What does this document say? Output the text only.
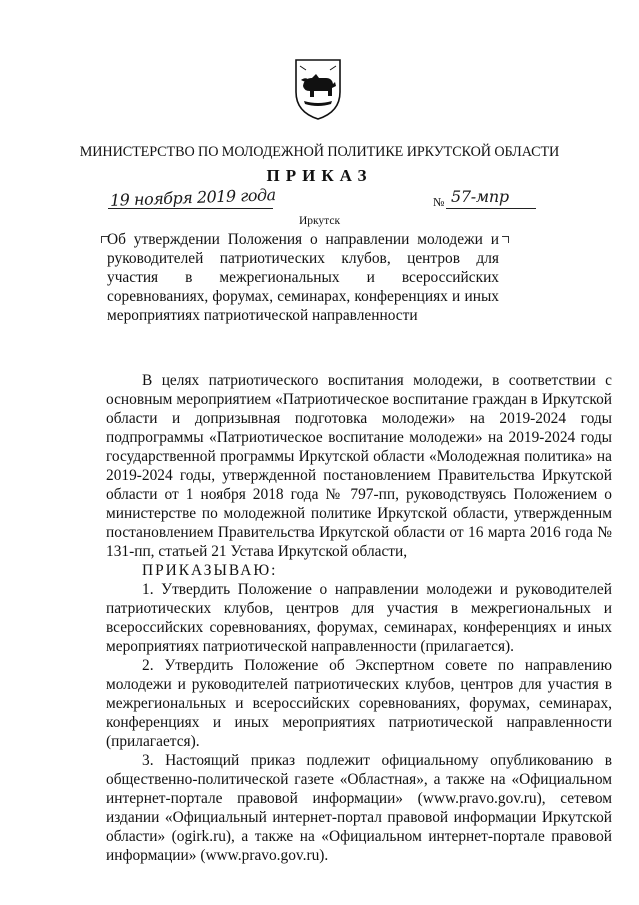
МИНИСТЕРСТВО ПО МОЛОДЕЖНОЙ ПОЛИТИКЕ ИРКУТСКОЙ ОБЛАСТИ
ПРИКАЗ
19 ноября 2019 года	№ 57-мпр
Иркутск
Об утверждении Положения о направлении молодежи и руководителей патриотических клубов, центров для участия в межрегиональных и всероссийских соревнованиях, форумах, семинарах, конференциях и иных мероприятиях патриотической направленности

В целях патриотического воспитания молодежи, в соответствии с основным мероприятием «Патриотическое воспитание граждан в Иркутской области и допризывная подготовка молодежи» на 2019-2024 годы подпрограммы «Патриотическое воспитание молодежи» на 2019-2024 годы государственной программы Иркутской области «Молодежная политика» на 2019-2024 годы, утвержденной постановлением Правительства Иркутской области от 1 ноября 2018 года № 797-пп, руководствуясь Положением о министерстве по молодежной политике Иркутской области, утвержденным постановлением Правительства Иркутской области от 16 марта 2016 года № 131-пп, статьей 21 Устава Иркутской области,

ПРИКАЗЫВАЮ:

1. Утвердить Положение о направлении молодежи и руководителей патриотических клубов, центров для участия в межрегиональных и всероссийских соревнованиях, форумах, семинарах, конференциях и иных мероприятиях патриотической направленности (прилагается).

2. Утвердить Положение об Экспертном совете по направлению молодежи и руководителей патриотических клубов, центров для участия в межрегиональных и всероссийских соревнованиях, форумах, семинарах, конференциях и иных мероприятиях патриотической направленности (прилагается).

3. Настоящий приказ подлежит официальному опубликованию в общественно-политической газете «Областная», а также на «Официальном интернет-портале правовой информации» (www.pravo.gov.ru), сетевом издании «Официальный интернет-портал правовой информации Иркутской области» (ogirk.ru), а также на «Официальном интернет-портале правовой информации» (www.pravo.gov.ru).
